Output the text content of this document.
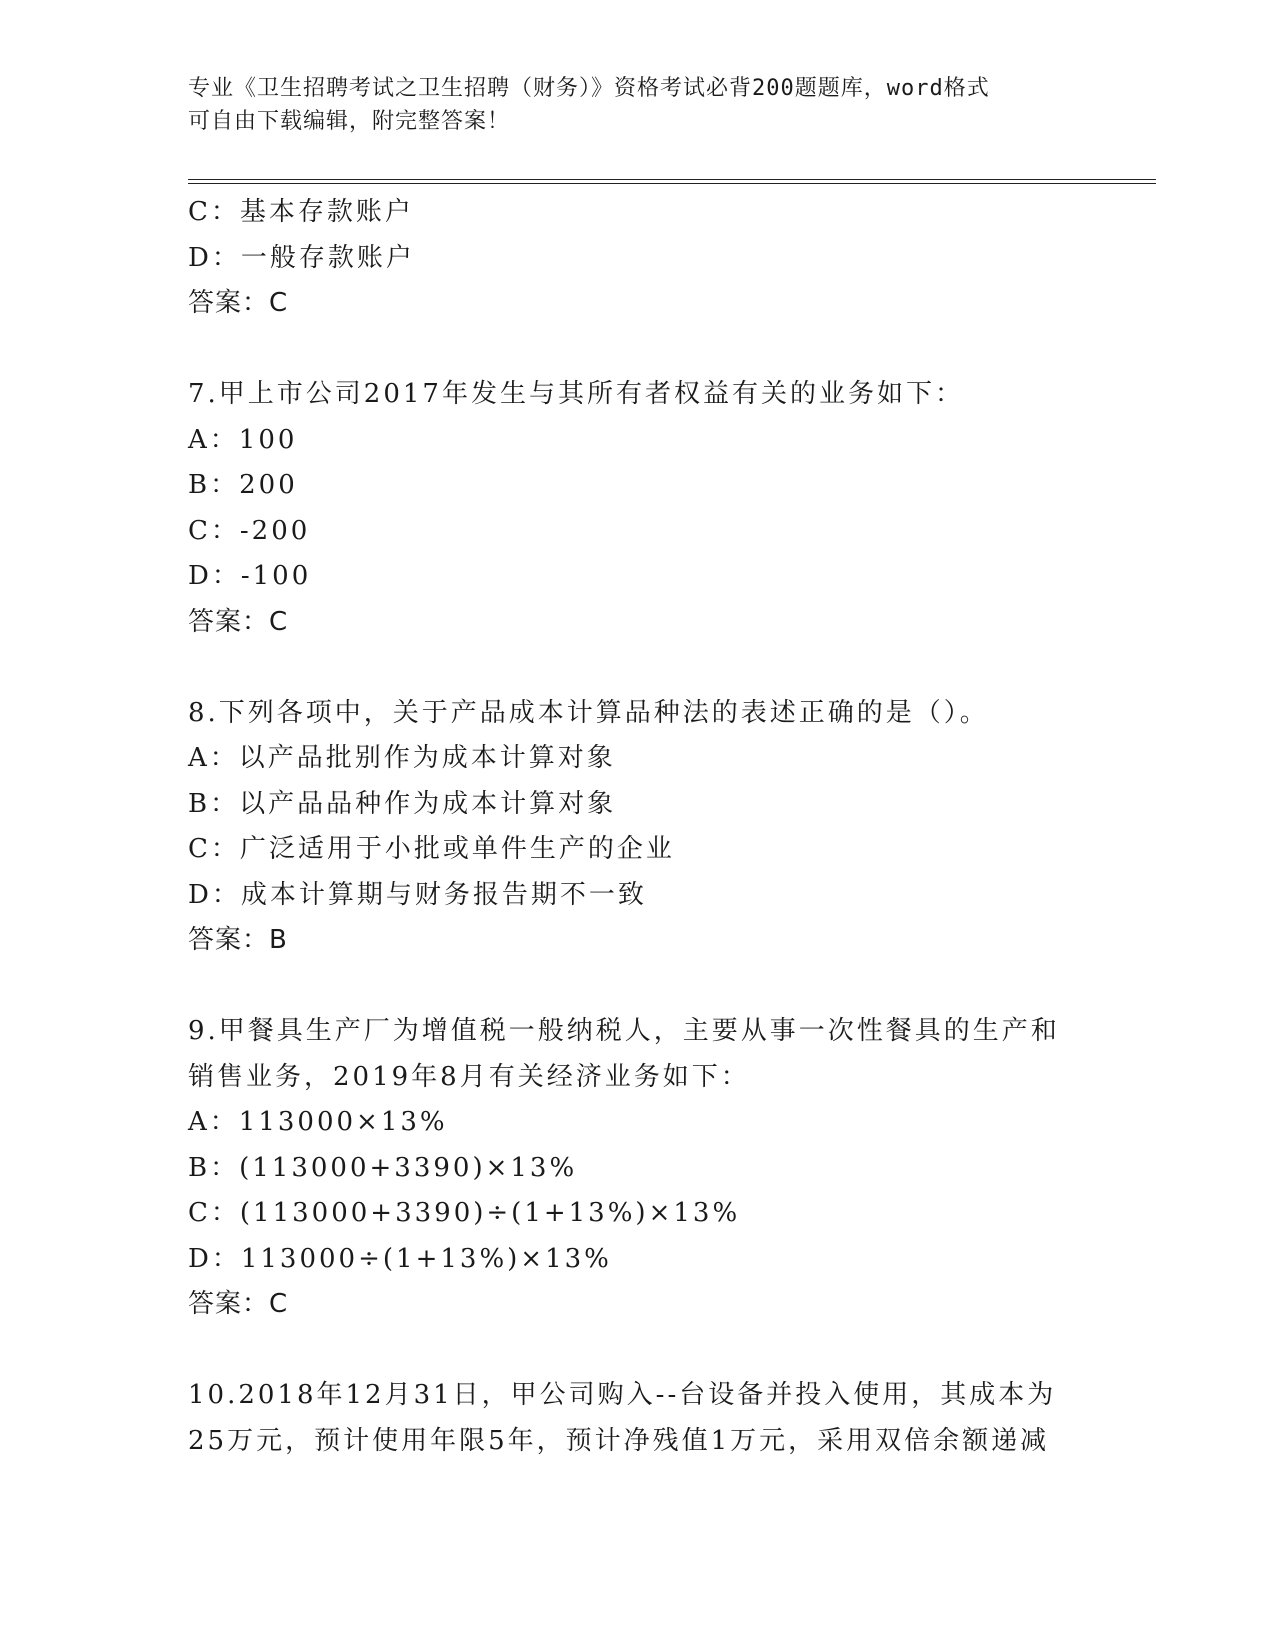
专业《卫生招聘考试之卫生招聘（财务）》资格考试必背200题题库，word格式
可自由下载编辑，附完整答案！
C：基本存款账户
D：一般存款账户
答案：C
7.甲上市公司2017年发生与其所有者权益有关的业务如下：
A：100
B：200
C：-200
D：-100
答案：C
8.下列各项中，关于产品成本计算品种法的表述正确的是（）。
A：以产品批别作为成本计算对象
B：以产品品种作为成本计算对象
C：广泛适用于小批或单件生产的企业
D：成本计算期与财务报告期不一致
答案：B
9.甲餐具生产厂为增值税一般纳税人，主要从事一次性餐具的生产和
销售业务，2019年8月有关经济业务如下：
A：113000×13%
B：(113000+3390)×13%
C：(113000+3390)÷(1+13%)×13%
D：113000÷(1+13%)×13%
答案：C
10.2018年12月31日，甲公司购入--台设备并投入使用，其成本为
25万元，预计使用年限5年，预计净残值1万元，采用双倍余额递减
